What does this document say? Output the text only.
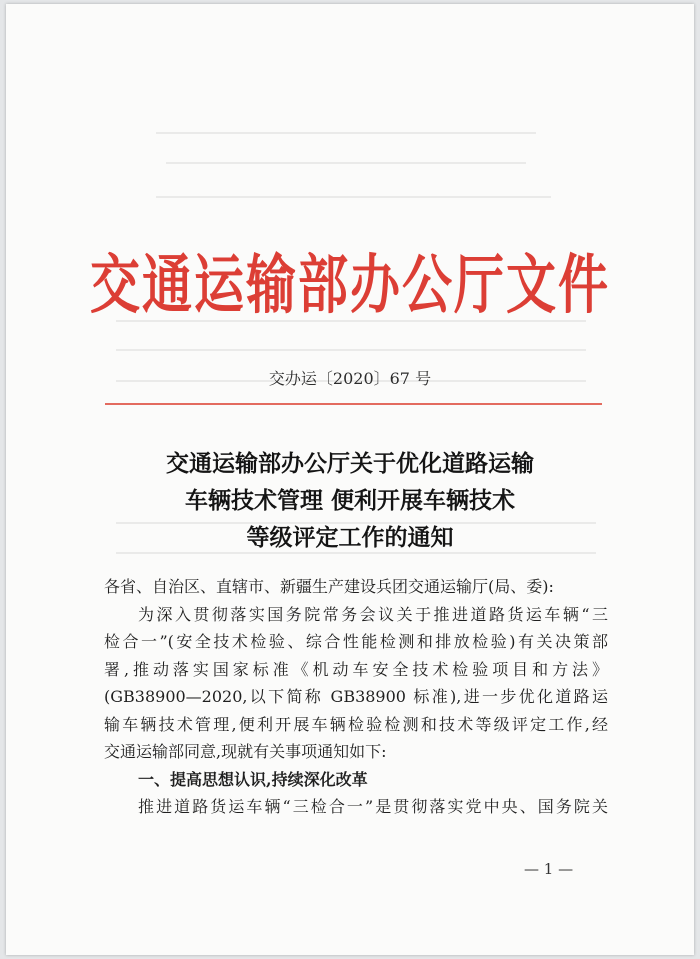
交通运输部办公厅文件
交办运〔2020〕67 号
交通运输部办公厅关于优化道路运输
车辆技术管理 便利开展车辆技术
等级评定工作的通知
各省、自治区、直辖市、新疆生产建设兵团交通运输厅(局、委):
为深入贯彻落实国务院常务会议关于推进道路货运车辆“三
检合一”(安全技术检验、综合性能检测和排放检验)有关决策部
署,推动落实国家标准《机动车安全技术检验项目和方法》
(GB38900—2020,以下简称 GB38900 标准),进一步优化道路运
输车辆技术管理,便利开展车辆检验检测和技术等级评定工作,经
交通运输部同意,现就有关事项通知如下:
一、提高思想认识,持续深化改革
推进道路货运车辆“三检合一”是贯彻落实党中央、国务院关
— 1 —
